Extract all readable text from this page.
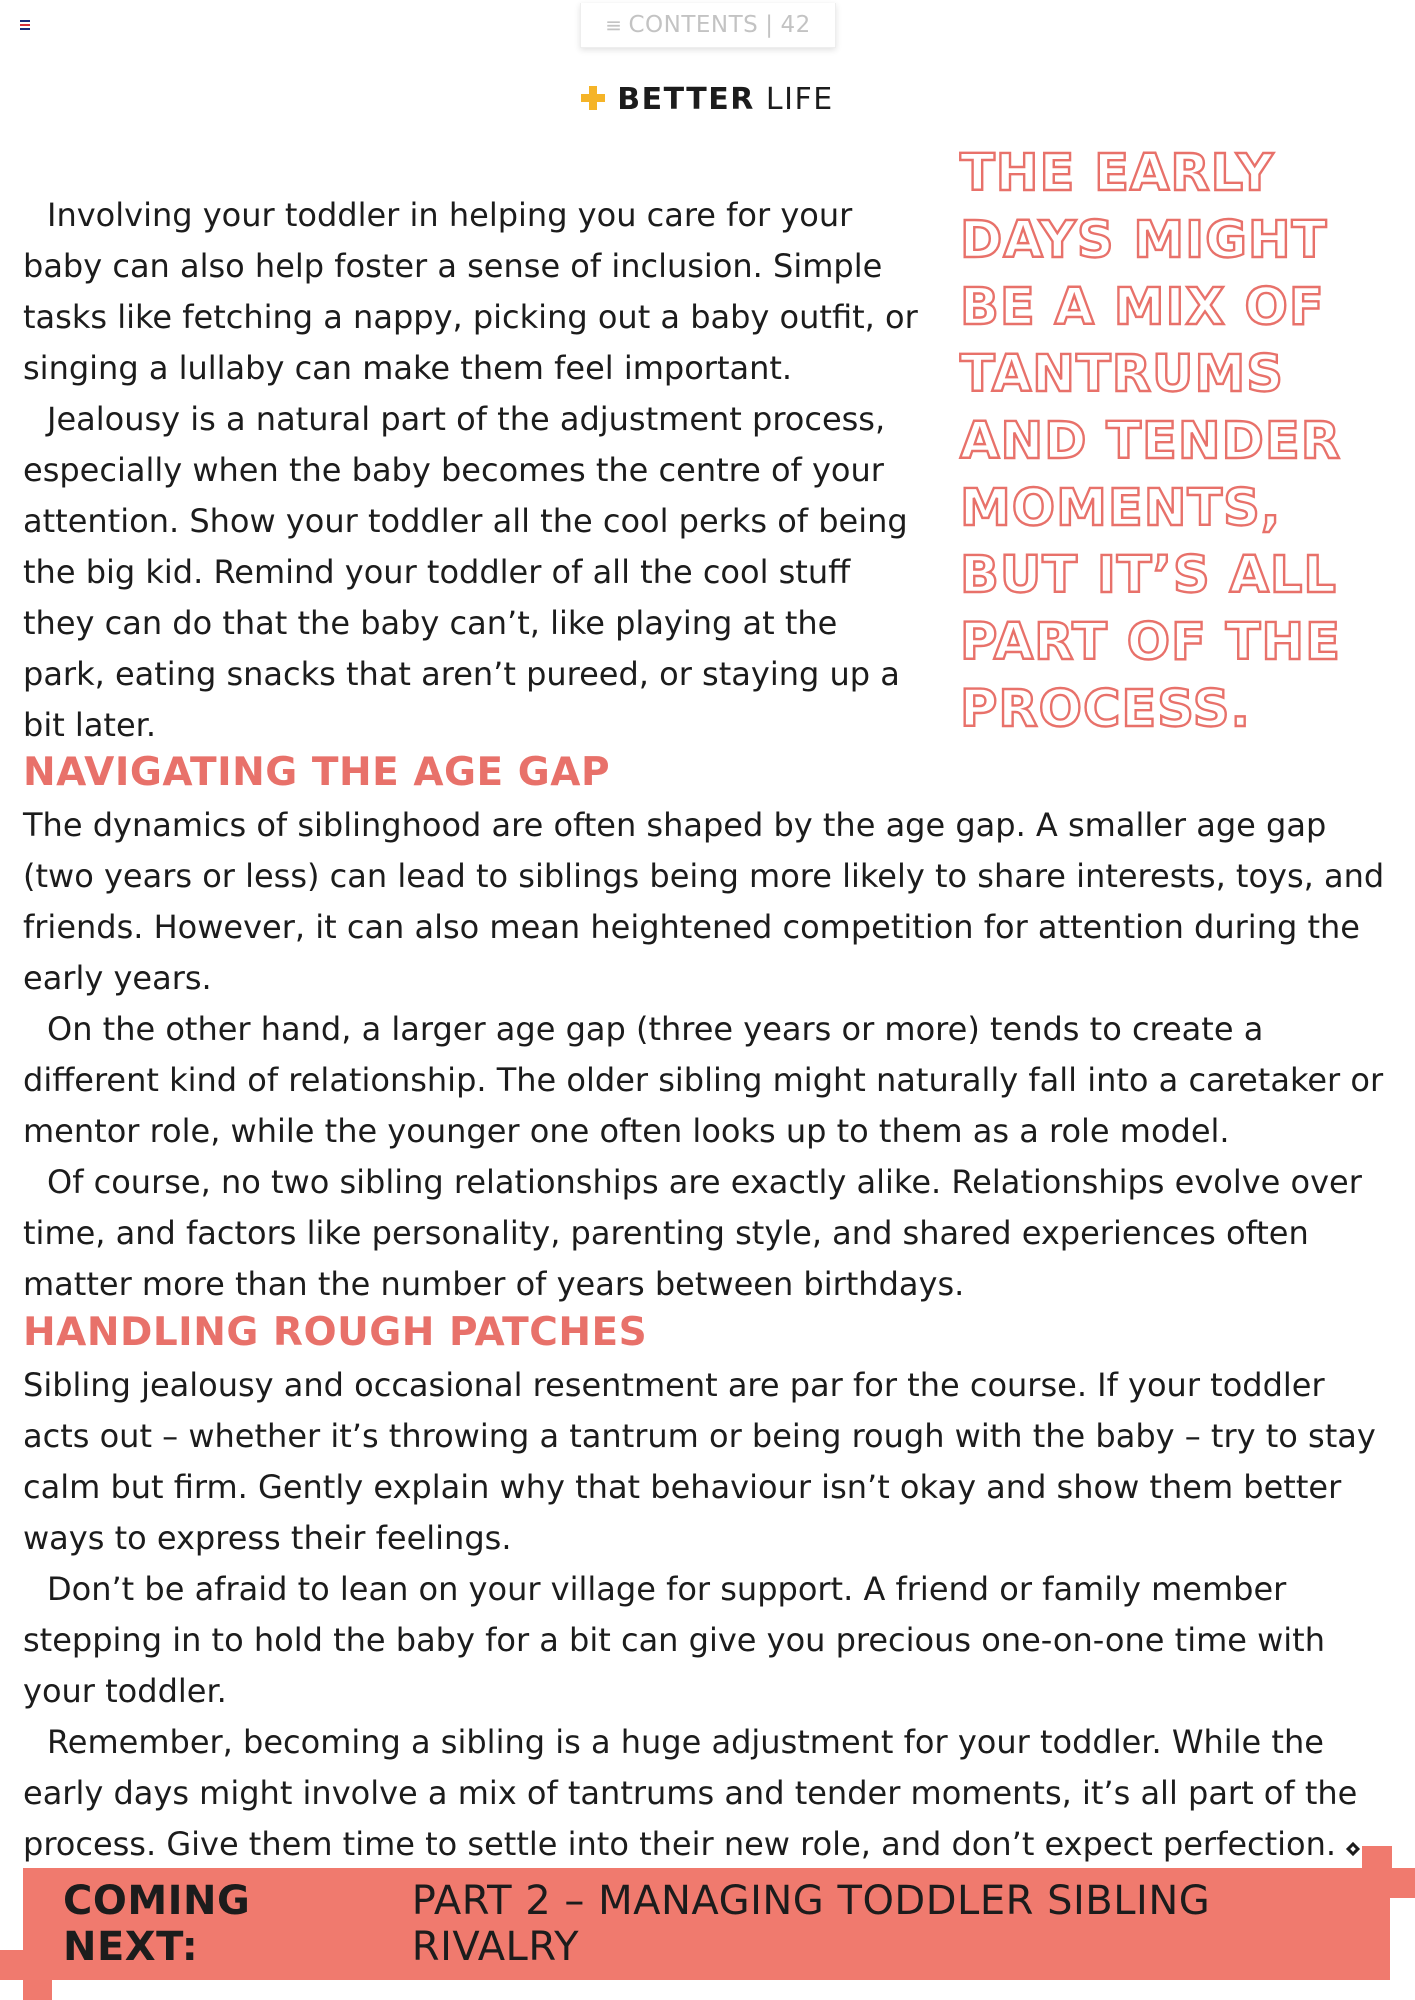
≡ CONTENTS | 42
BETTER LIFE

Involving your toddler in helping you care for your baby can also help foster a sense of inclusion. Simple tasks like fetching a nappy, picking out a baby outfit, or singing a lullaby can make them feel important.

Jealousy is a natural part of the adjustment process, especially when the baby becomes the centre of your attention. Show your toddler all the cool perks of being the big kid. Remind your toddler of all the cool stuff they can do that the baby can’t, like playing at the park, eating snacks that aren’t pureed, or staying up a bit later.

THE EARLY DAYS MIGHT BE A MIX OF TANTRUMS AND TENDER MOMENTS, BUT IT’S ALL PART OF THE PROCESS.
NAVIGATING THE AGE GAP

The dynamics of siblinghood are often shaped by the age gap. A smaller age gap (two years or less) can lead to siblings being more likely to share interests, toys, and friends. However, it can also mean heightened competition for attention during the early years.

On the other hand, a larger age gap (three years or more) tends to create a different kind of relationship. The older sibling might naturally fall into a caretaker or mentor role, while the younger one often looks up to them as a role model.

Of course, no two sibling relationships are exactly alike. Relationships evolve over time, and factors like personality, parenting style, and shared experiences often matter more than the number of years between birthdays.

HANDLING ROUGH PATCHES

Sibling jealousy and occasional resentment are par for the course. If your toddler acts out – whether it’s throwing a tantrum or being rough with the baby – try to stay calm but firm. Gently explain why that behaviour isn’t okay and show them better ways to express their feelings.

Don’t be afraid to lean on your village for support. A friend or family member stepping in to hold the baby for a bit can give you precious one-on-one time with your toddler.

Remember, becoming a sibling is a huge adjustment for your toddler. While the early days might involve a mix of tantrums and tender moments, it’s all part of the process. Give them time to settle into their new role, and don’t expect perfection.

COMING NEXT:
PART 2 – MANAGING TODDLER SIBLING RIVALRY
